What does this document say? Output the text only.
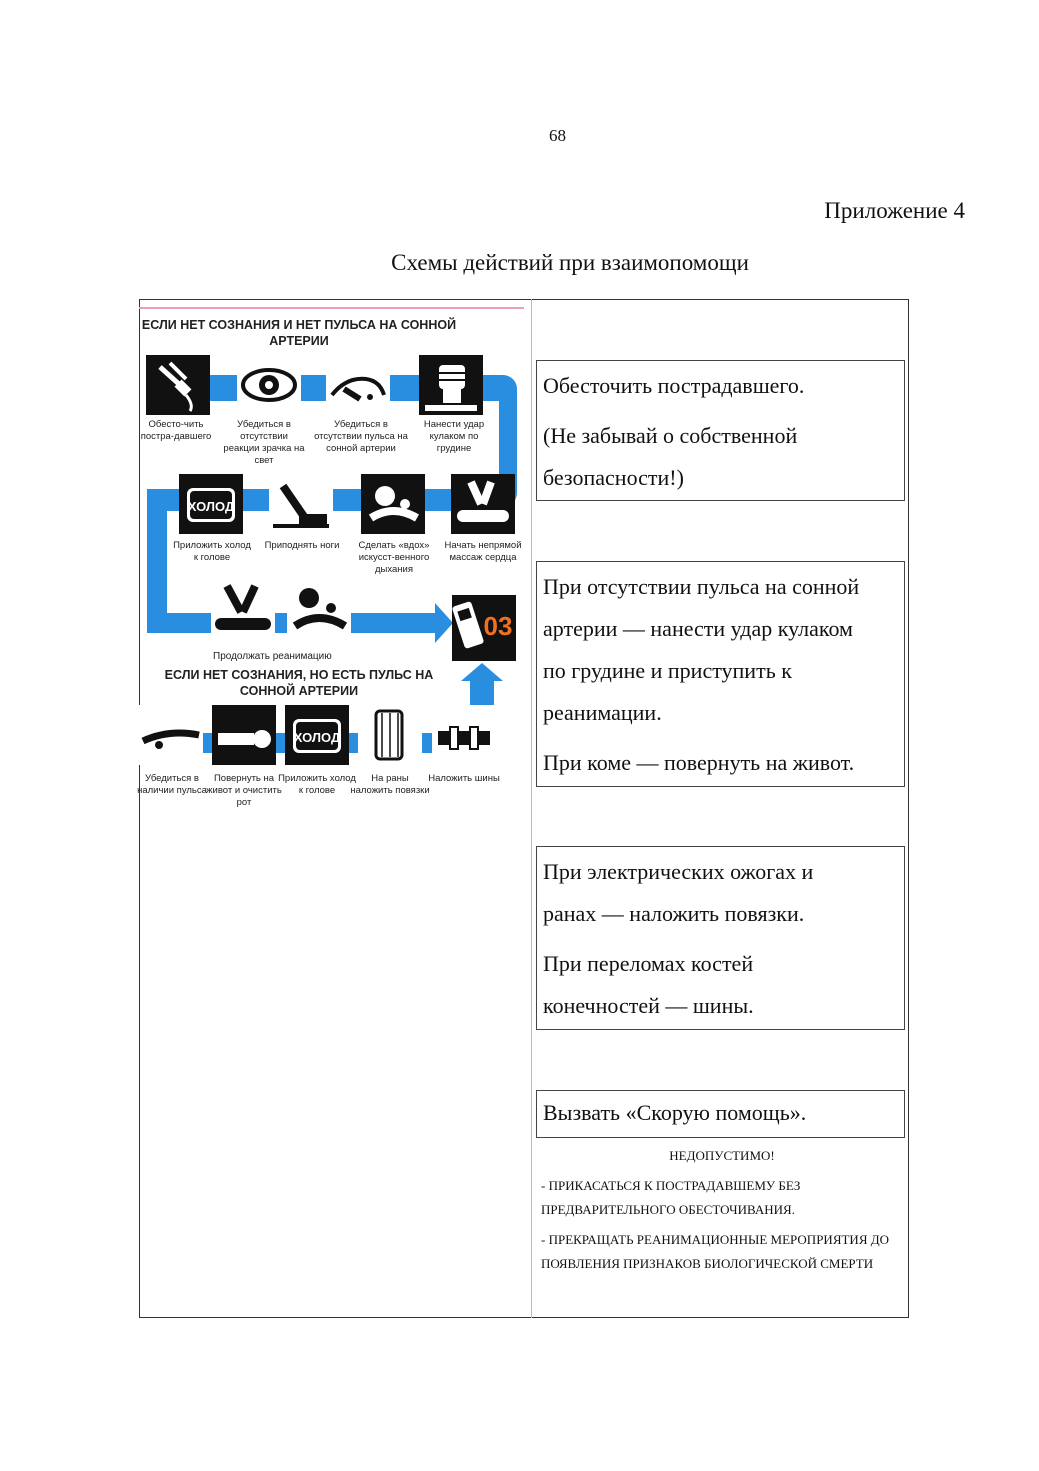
68
Приложение 4
Схемы действий при взаимопомощи
ЕСЛИ НЕТ СОЗНАНИЯ И НЕТ ПУЛЬСА НА СОННОЙ АРТЕРИИ
Обесто-чить постра-давшего
Убедиться в отсутствии реакции зрачка на свет
Убедиться в отсутствии пульса на сонной артерии
Нанести удар кулаком по грудине
ХОЛОД
Приложить холод к голове
Приподнять ноги	Сделать «вдох» искусст-венного дыхания
Начать непрямой массаж сердца
Продолжать реанимацию
03
ЕСЛИ НЕТ СОЗНАНИЯ, НО ЕСТЬ ПУЛЬС НА СОННОЙ АРТЕРИИ
ХОЛОД
Убедиться в наличии пульса
Повернуть на живот и очистить рот
Приложить холод к голове
На раны наложить повязки
Наложить шины

Обесточить пострадавшего.

(Не забывай о собственной

безопасности!)

При отсутствии пульса на сонной

артерии — нанести удар кулаком

по грудине и приступить к

реанимации.

При коме — повернуть на живот.

При электрических ожогах и

ранах — наложить повязки.

При переломах костей

конечностей — шины.

Вызвать «Скорую помощь».

НЕДОПУСТИМО!

- ПРИКАСАТЬСЯ К ПОСТРАДАВШЕМУ БЕЗ ПРЕДВАРИТЕЛЬНОГО ОБЕСТОЧИВАНИЯ.

- ПРЕКРАЩАТЬ РЕАНИМАЦИОННЫЕ МЕРОПРИЯТИЯ ДО ПОЯВЛЕНИЯ ПРИЗНАКОВ БИОЛОГИЧЕСКОЙ СМЕРТИ
